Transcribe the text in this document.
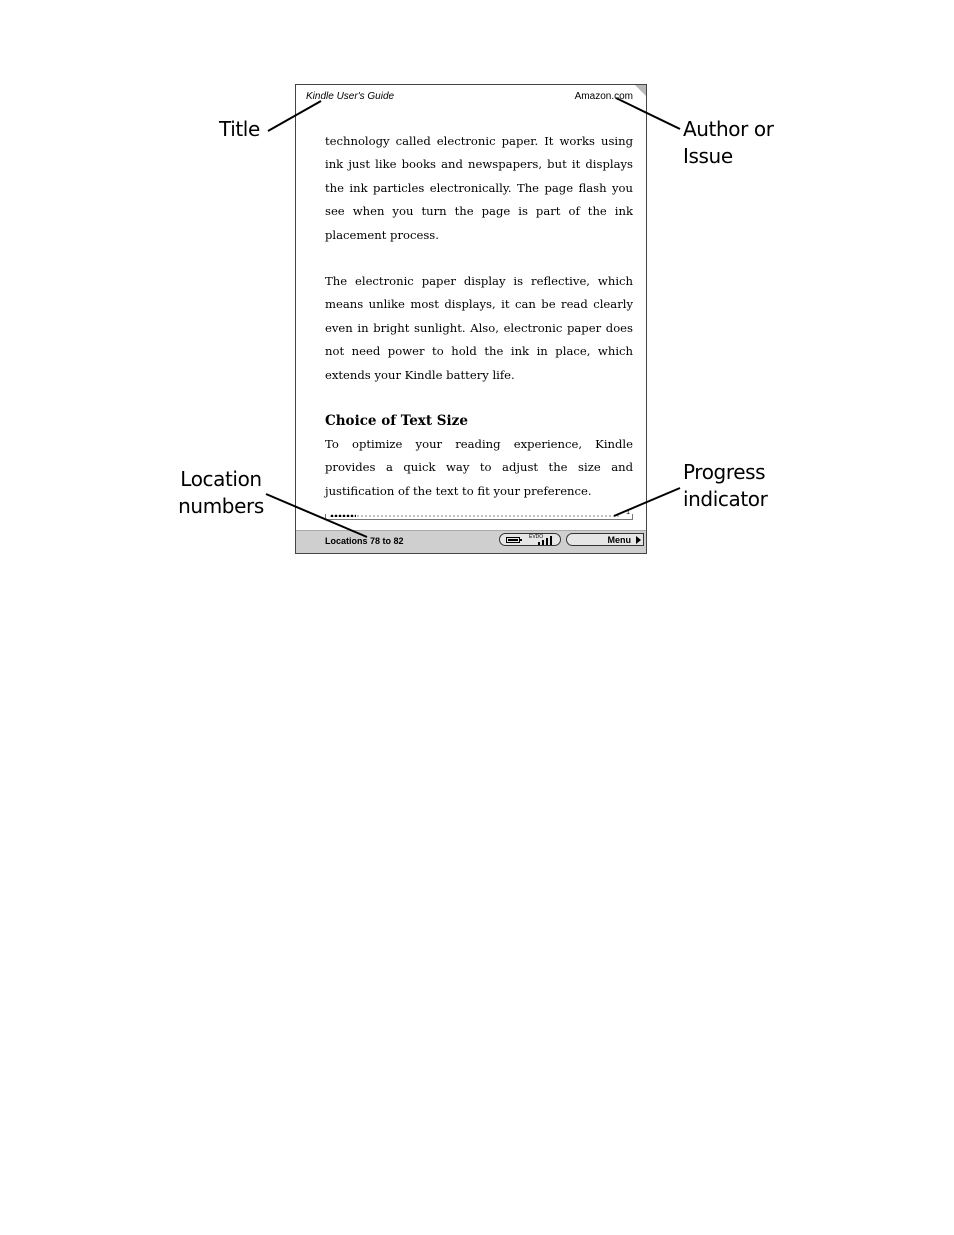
Kindle User's Guide	Amazon.com

technology called electronic paper. It works using ink just like books and newspapers, but it displays the ink particles electronically. The page flash you see when you turn the page is part of the ink placement process.

The electronic paper display is reflective, which means unlike most displays, it can be read clearly even in bright sunlight. Also, electronic paper does not need power to hold the ink in place, which extends your Kindle battery life.

Choice of Text Size

To optimize your reading experience, Kindle provides a quick way to adjust the size and justification of the text to fit your preference.

1
Locations 78 to 82	EVDO	Menu
Title	Author or
Issue
Location
numbers
Progress
indicator
